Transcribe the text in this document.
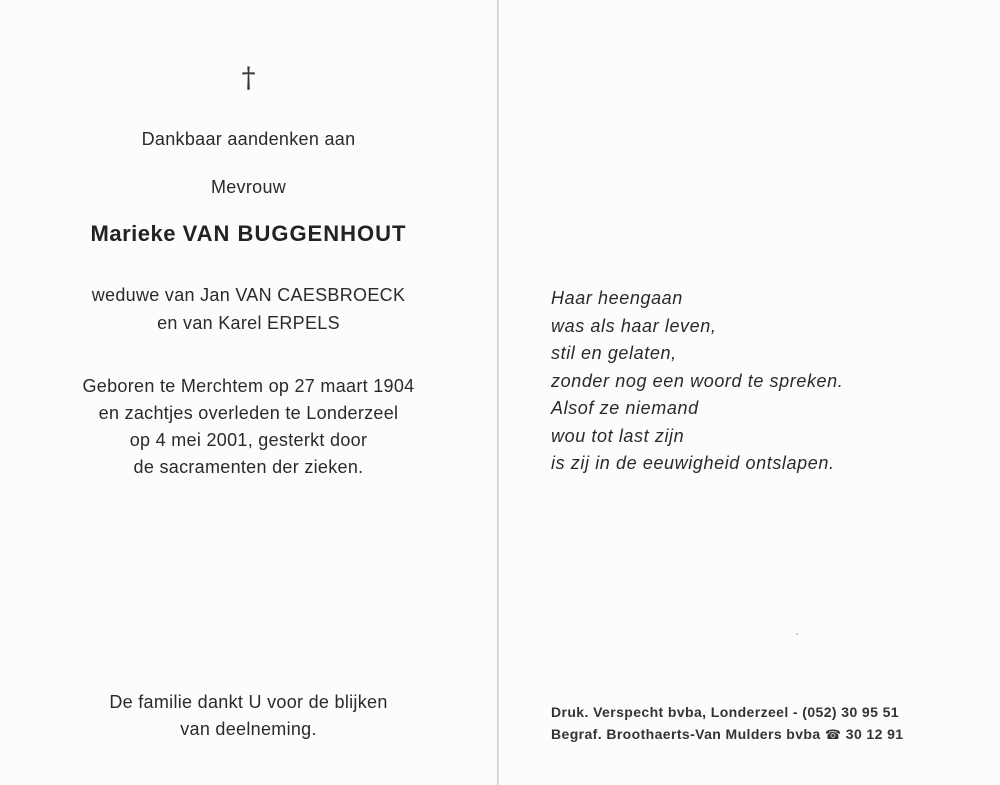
†
Dankbaar aandenken aan
Mevrouw
Marieke VAN BUGGENHOUT
weduwe van Jan VAN CAESBROECK
en van Karel ERPELS
Geboren te Merchtem op 27 maart 1904
en zachtjes overleden te Londerzeel
op 4 mei 2001, gesterkt door
de sacramenten der zieken.
De familie dankt U voor de blijken
van deelneming.
Haar heengaan
was als haar leven,
stil en gelaten,
zonder nog een woord te spreken.
Alsof ze niemand
wou tot last zijn
is zij in de eeuwigheid ontslapen.
Druk. Verspecht bvba, Londerzeel - (052) 30 95 51
Begraf. Broothaerts-Van Mulders bvba ☎ 30 12 91
